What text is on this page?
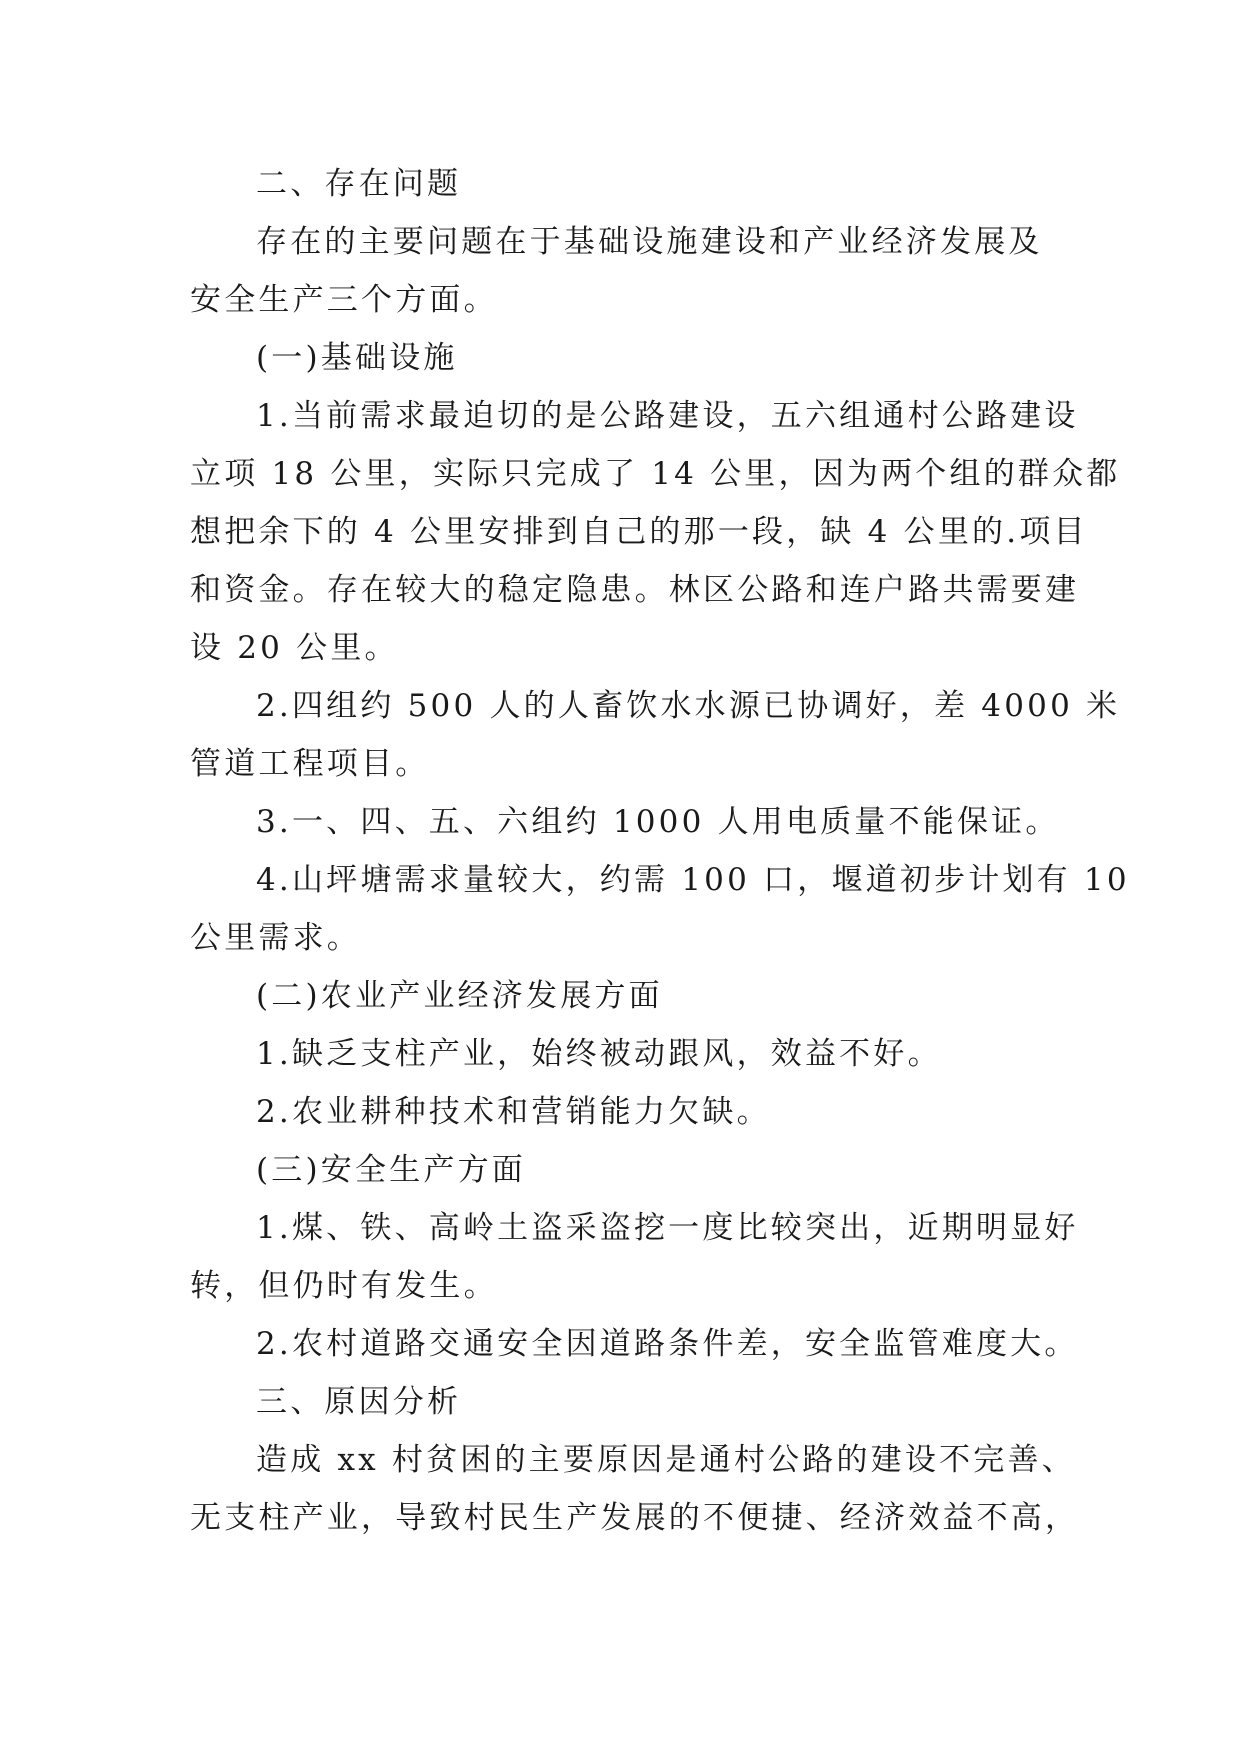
二、存在问题

存在的主要问题在于基础设施建设和产业经济发展及

安全生产三个方面。

(一)基础设施

1.当前需求最迫切的是公路建设，五六组通村公路建设

立项 18 公里，实际只完成了 14 公里，因为两个组的群众都

想把余下的 4 公里安排到自己的那一段，缺 4 公里的.项目

和资金。存在较大的稳定隐患。林区公路和连户路共需要建

设 20 公里。

2.四组约 500 人的人畜饮水水源已协调好，差 4000 米

管道工程项目。

3.一、四、五、六组约 1000 人用电质量不能保证。

4.山坪塘需求量较大，约需 100 口，堰道初步计划有 10

公里需求。

(二)农业产业经济发展方面

1.缺乏支柱产业，始终被动跟风，效益不好。

2.农业耕种技术和营销能力欠缺。

(三)安全生产方面

1.煤、铁、高岭土盗采盗挖一度比较突出，近期明显好

转，但仍时有发生。

2.农村道路交通安全因道路条件差，安全监管难度大。

三、原因分析

造成 xx 村贫困的主要原因是通村公路的建设不完善、

无支柱产业，导致村民生产发展的不便捷、经济效益不高，
